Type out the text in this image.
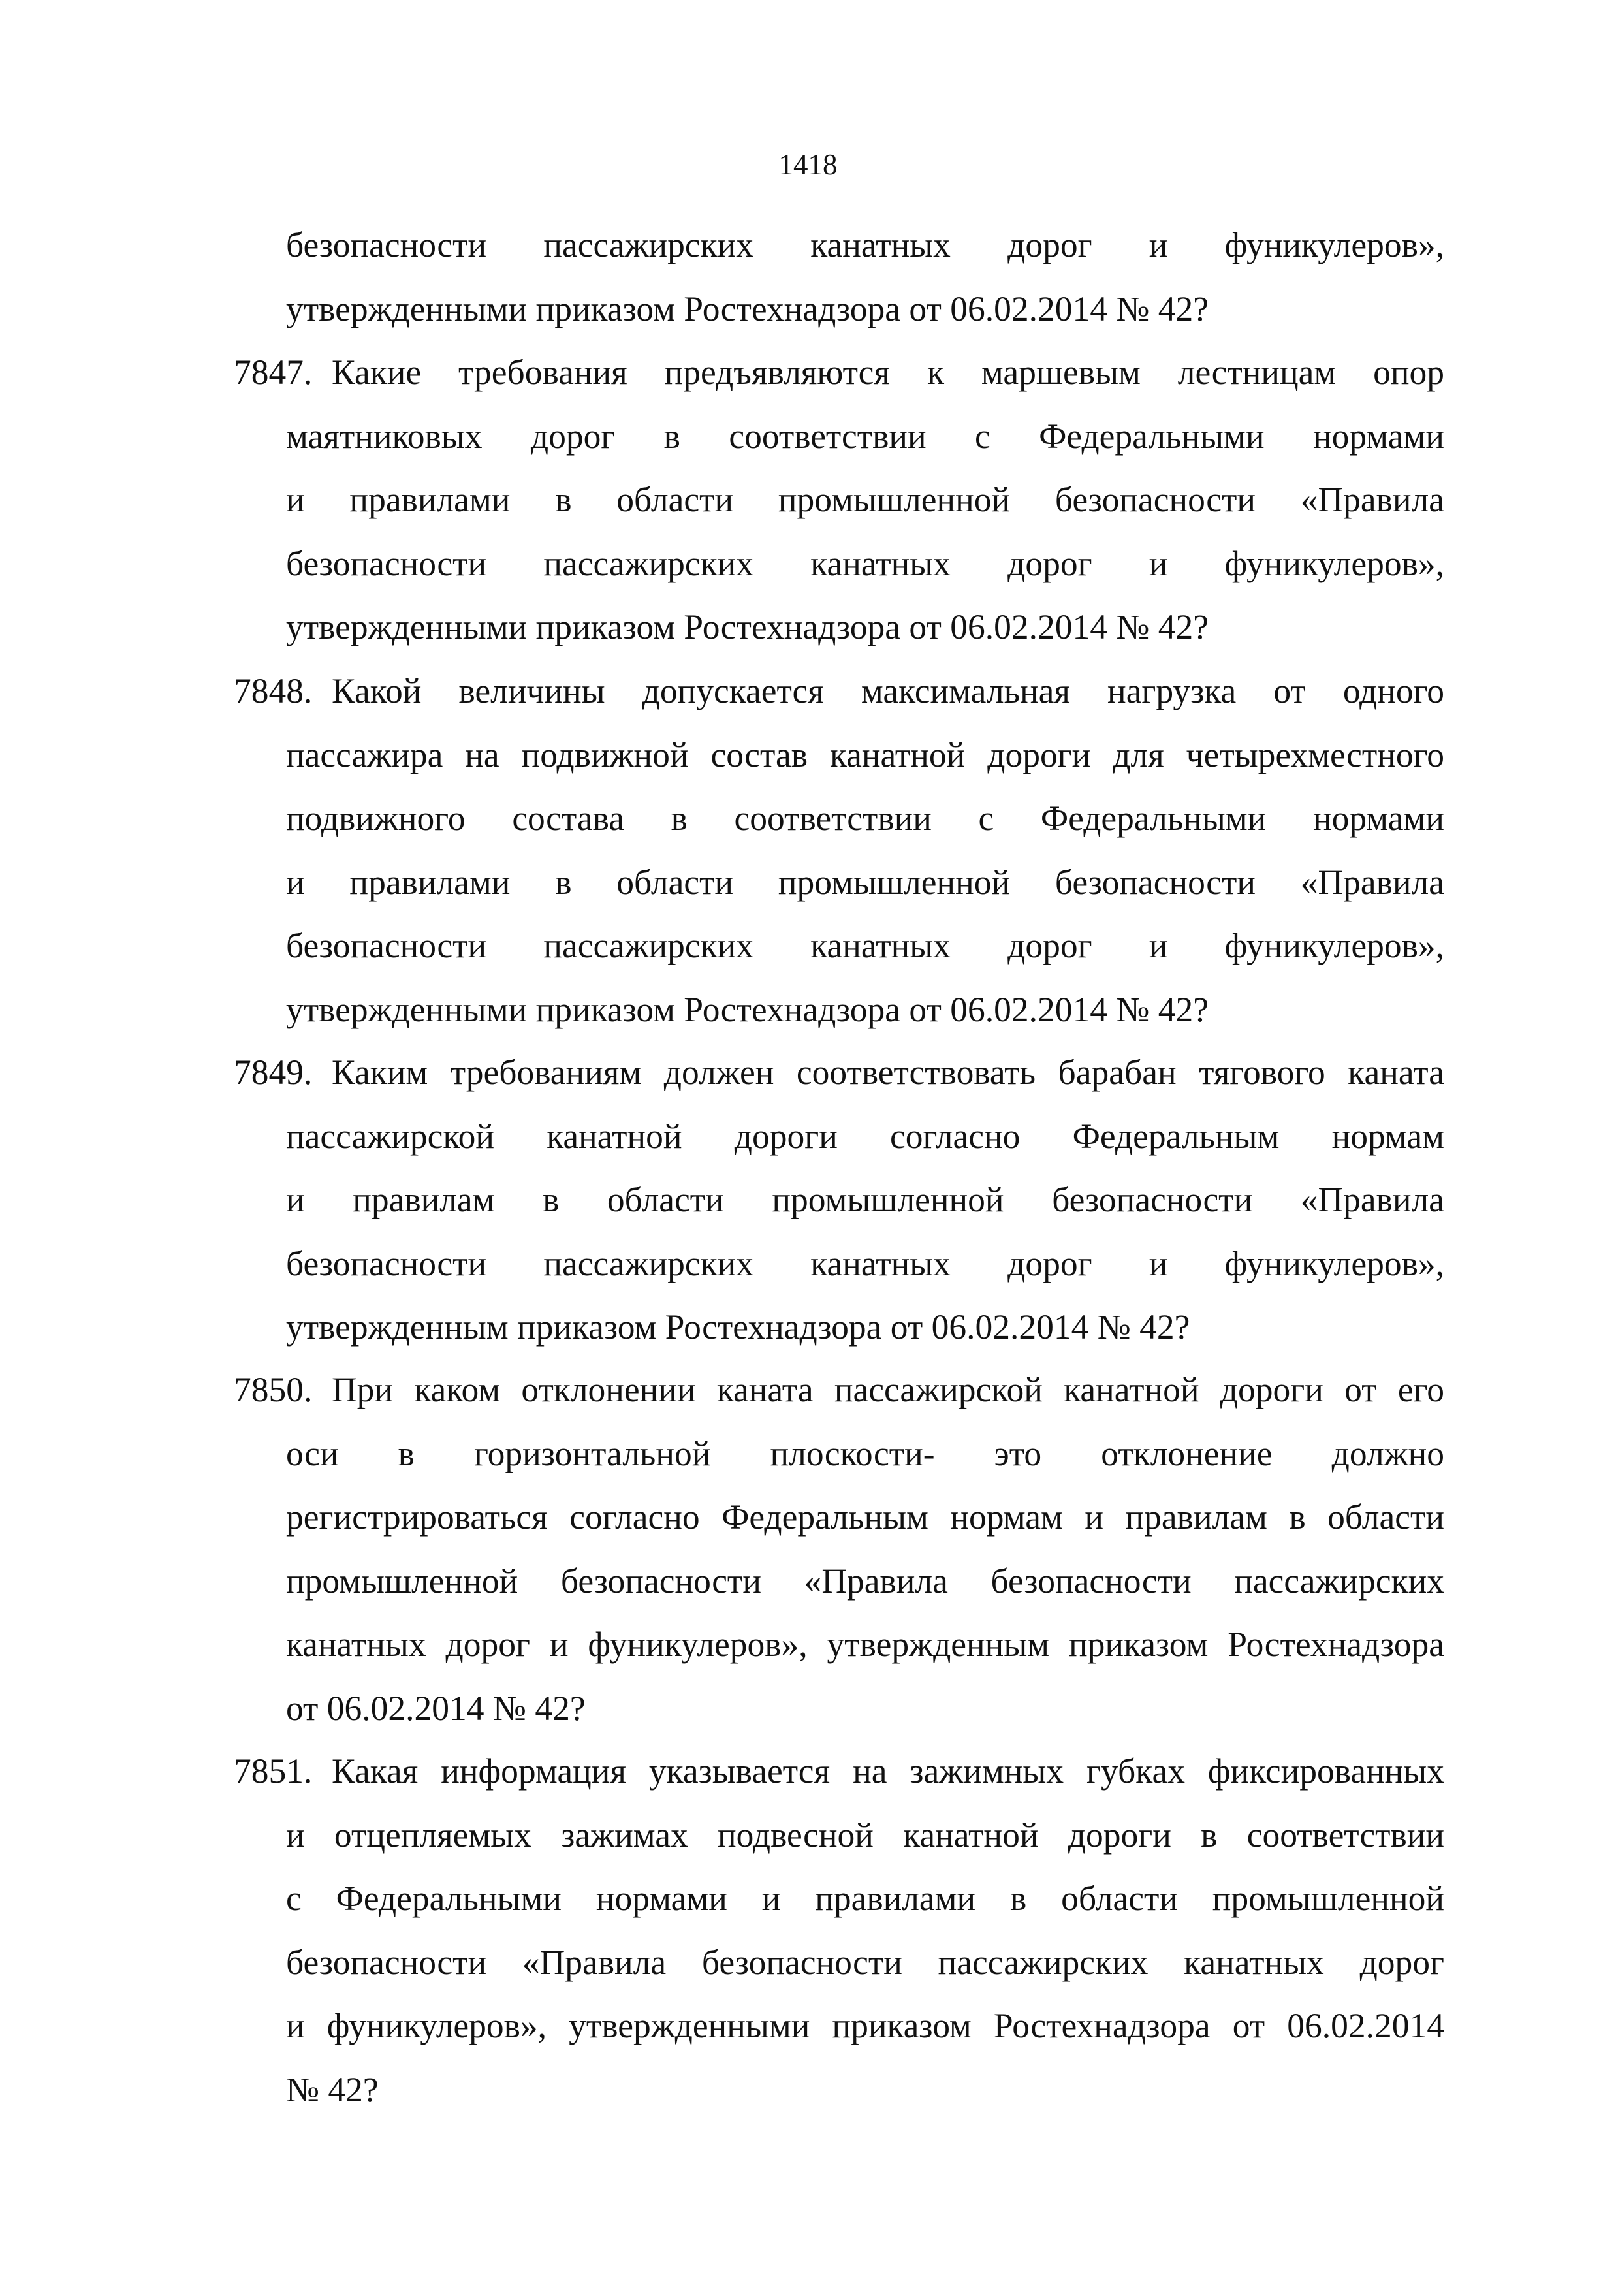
1418
безопасности пассажирских канатных дорог и фуникулеров»,
утвержденными приказом Ростехнадзора от 06.02.2014 № 42?
7847. Какие требования предъявляются к маршевым лестницам опор
маятниковых дорог в соответствии с Федеральными нормами
и правилами в области промышленной безопасности «Правила
безопасности пассажирских канатных дорог и фуникулеров»,
утвержденными приказом Ростехнадзора от 06.02.2014 № 42?
7848. Какой величины допускается максимальная нагрузка от одного
пассажира на подвижной состав канатной дороги для четырехместного
подвижного состава в соответствии с Федеральными нормами
и правилами в области промышленной безопасности «Правила
безопасности пассажирских канатных дорог и фуникулеров»,
утвержденными приказом Ростехнадзора от 06.02.2014 № 42?
7849. Каким требованиям должен соответствовать барабан тягового каната
пассажирской канатной дороги согласно Федеральным нормам
и правилам в области промышленной безопасности «Правила
безопасности пассажирских канатных дорог и фуникулеров»,
утвержденным приказом Ростехнадзора от 06.02.2014 № 42?
7850. При каком отклонении каната пассажирской канатной дороги от его
оси в горизонтальной плоскости- это отклонение должно
регистрироваться согласно Федеральным нормам и правилам в области
промышленной безопасности «Правила безопасности пассажирских
канатных дорог и фуникулеров», утвержденным приказом Ростехнадзора
от 06.02.2014 № 42?
7851. Какая информация указывается на зажимных губках фиксированных
и отцепляемых зажимах подвесной канатной дороги в соответствии
с Федеральными нормами и правилами в области промышленной
безопасности «Правила безопасности пассажирских канатных дорог
и фуникулеров», утвержденными приказом Ростехнадзора от 06.02.2014
№ 42?
